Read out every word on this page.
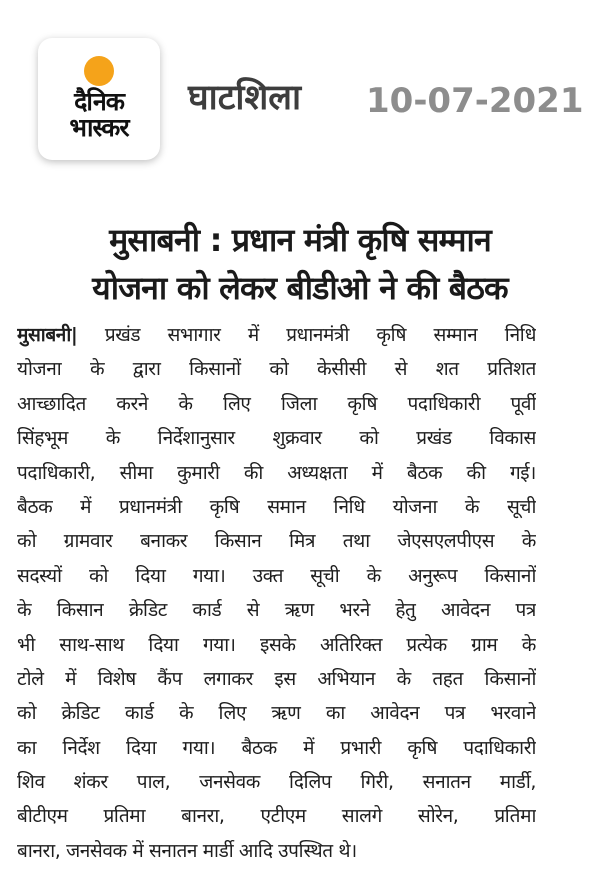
दैनिक
भास्कर
घाटशिला 10-07-2021
मुसाबनी : प्रधान मंत्री कृषि सम्मान
योजना को लेकर बीडीओ ने की बैठक
मुसाबनी| प्रखंड सभागार में प्रधानमंत्री कृषि सम्मान निधि
योजना के द्वारा किसानों को केसीसी से शत प्रतिशत
आच्छादित करने के लिए जिला कृषि पदाधिकारी पूर्वी
सिंहभूम के निर्देशानुसार शुक्रवार को प्रखंड विकास
पदाधिकारी, सीमा कुमारी की अध्यक्षता में बैठक की गई।
बैठक में प्रधानमंत्री कृषि समान निधि योजना के सूची
को ग्रामवार बनाकर किसान मित्र तथा जेएसएलपीएस के
सदस्यों को दिया गया। उक्त सूची के अनुरूप किसानों
के किसान क्रेडिट कार्ड से ऋण भरने हेतु आवेदन पत्र
भी साथ-साथ दिया गया। इसके अतिरिक्त प्रत्येक ग्राम के
टोले में विशेष कैंप लगाकर इस अभियान के तहत किसानों
को क्रेडिट कार्ड के लिए ऋण का आवेदन पत्र भरवाने
का निर्देश दिया गया। बैठक में प्रभारी कृषि पदाधिकारी
शिव शंकर पाल, जनसेवक दिलिप गिरी, सनातन मार्डी,
बीटीएम प्रतिमा बानरा, एटीएम सालगे सोरेन, प्रतिमा
बानरा, जनसेवक में सनातन मार्डी आदि उपस्थित थे।
